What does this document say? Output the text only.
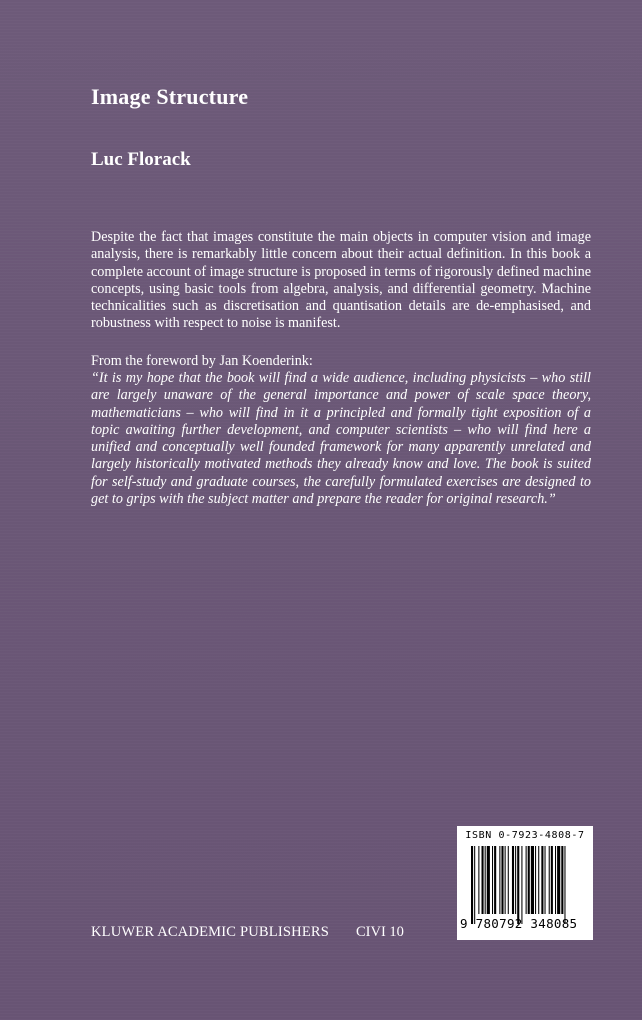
Image Structure
Luc Florack

Despite the fact that images constitute the main objects in computer vision and image analysis, there is remarkably little concern about their actual definition. In this book a complete account of image structure is proposed in terms of rigorously defined machine concepts, using basic tools from algebra, analysis, and differential geometry. Machine technicalities such as discretisation and quantisation details are de-emphasised, and robustness with respect to noise is manifest.

From the foreword by Jan Koenderink:

“It is my hope that the book will find a wide audience, including physicists – who still are largely unaware of the general importance and power of scale space theory, mathematicians – who will find in it a principled and formally tight exposition of a topic awaiting further development, and computer scientists – who will find here a unified and conceptually well founded framework for many apparently unrelated and largely historically motivated methods they already know and love. The book is suited for self-study and graduate courses, the carefully formulated exercises are designed to get to grips with the subject matter and prepare the reader for original research.”

ISBN 0-7923-4808-7
9 780792 348085

KLUWER ACADEMIC PUBLISHERS CIVI 10
